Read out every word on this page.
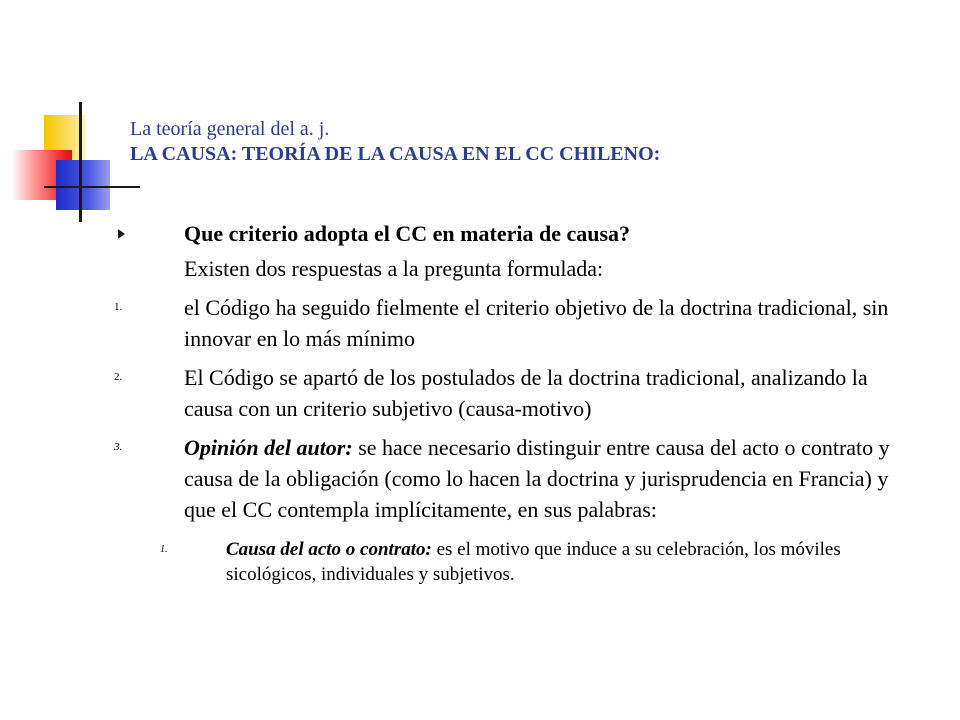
La teoría general del a. j.
LA CAUSA: TEORÍA DE LA CAUSA EN EL CC CHILENO:
Que criterio adopta el CC en materia de causa?
Existen dos respuestas a la pregunta formulada:
1.	el Código ha seguido fielmente el criterio objetivo de la doctrina tradicional, sin innovar en lo más mínimo
2.	El Código se apartó de los postulados de la doctrina tradicional, analizando la causa con un criterio subjetivo (causa-motivo)
3.	Opinión del autor: se hace necesario distinguir entre causa del acto o contrato y causa de la obligación (como lo hacen la doctrina y jurisprudencia en Francia) y que el CC contempla implícitamente, en sus palabras:
1.	Causa del acto o contrato: es el motivo que induce a su celebración, los móviles sicológicos, individuales y subjetivos.
